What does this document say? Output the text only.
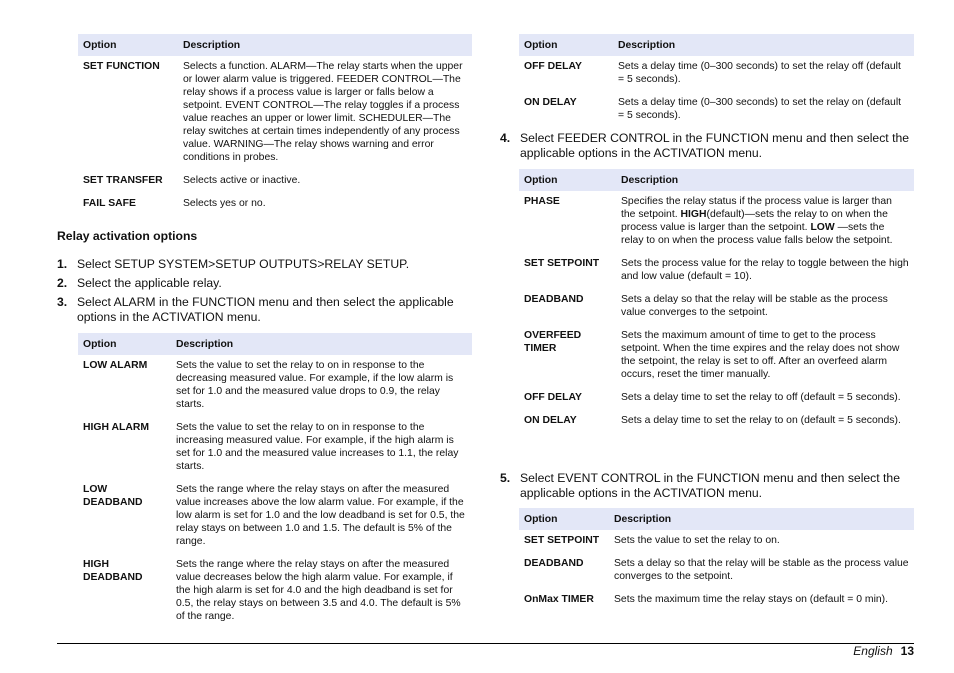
Option	Description
SET FUNCTION	Selects a function. ALARM—The relay starts when the upper or lower alarm value is triggered. FEEDER CONTROL—The relay shows if a process value is larger or falls below a setpoint. EVENT CONTROL—The relay toggles if a process value reaches an upper or lower limit. SCHEDULER—The relay switches at certain times independently of any process value. WARNING—The relay shows warning and error conditions in probes.
SET TRANSFER	Selects active or inactive.
FAIL SAFE	Selects yes or no.
Relay activation options
1. Select SETUP SYSTEM>SETUP OUTPUTS>RELAY SETUP.
2. Select the applicable relay.
3. Select ALARM in the FUNCTION menu and then select the applicable options in the ACTIVATION menu.
Option	Description
LOW ALARM	Sets the value to set the relay to on in response to the decreasing measured value. For example, if the low alarm is set for 1.0 and the measured value drops to 0.9, the relay starts.
HIGH ALARM	Sets the value to set the relay to on in response to the increasing measured value. For example, if the high alarm is set for 1.0 and the measured value increases to 1.1, the relay starts.
LOW DEADBAND	Sets the range where the relay stays on after the measured value increases above the low alarm value. For example, if the low alarm is set for 1.0 and the low deadband is set for 0.5, the relay stays on between 1.0 and 1.5. The default is 5% of the range.
HIGH DEADBAND	Sets the range where the relay stays on after the measured value decreases below the high alarm value. For example, if the high alarm is set for 4.0 and the high deadband is set for 0.5, the relay stays on between 3.5 and 4.0. The default is 5% of the range.
Option	Description
OFF DELAY	Sets a delay time (0–300 seconds) to set the relay off (default = 5 seconds).
ON DELAY	Sets a delay time (0–300 seconds) to set the relay on (default = 5 seconds).
4. Select FEEDER CONTROL in the FUNCTION menu and then select the applicable options in the ACTIVATION menu.
Option	Description
PHASE	Specifies the relay status if the process value is larger than the setpoint. HIGH(default)—sets the relay to on when the process value is larger than the setpoint. LOW —sets the relay to on when the process value falls below the setpoint.
SET SETPOINT	Sets the process value for the relay to toggle between the high and low value (default = 10).
DEADBAND	Sets a delay so that the relay will be stable as the process value converges to the setpoint.
OVERFEED TIMER	Sets the maximum amount of time to get to the process setpoint. When the time expires and the relay does not show the setpoint, the relay is set to off. After an overfeed alarm occurs, reset the timer manually.
OFF DELAY	Sets a delay time to set the relay to off (default = 5 seconds).
ON DELAY	Sets a delay time to set the relay to on (default = 5 seconds).
5. Select EVENT CONTROL in the FUNCTION menu and then select the applicable options in the ACTIVATION menu.
Option	Description
SET SETPOINT	Sets the value to set the relay to on.
DEADBAND	Sets a delay so that the relay will be stable as the process value converges to the setpoint.
OnMax TIMER	Sets the maximum time the relay stays on (default = 0 min).
English 13
